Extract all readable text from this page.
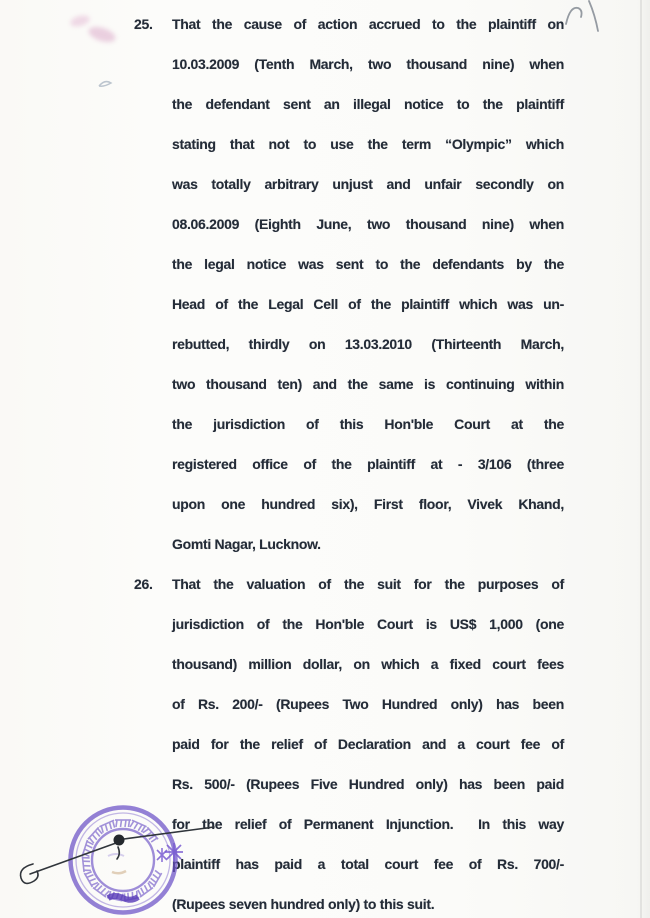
25. That the cause of action accrued to the plaintiff on
10.03.2009 (Tenth March, two thousand nine) when
the defendant sent an illegal notice to the plaintiff
stating that not to use the term “Olympic” which
was totally arbitrary unjust and unfair secondly on
08.06.2009 (Eighth June, two thousand nine) when
the legal notice was sent to the defendants by the
Head of the Legal Cell of the plaintiff which was un-
rebutted, thirdly on 13.03.2010 (Thirteenth March,
two thousand ten) and the same is continuing within
the jurisdiction of this Hon'ble Court at the
registered office of the plaintiff at - 3/106 (three
upon one hundred six), First floor, Vivek Khand,
Gomti Nagar, Lucknow.
26. That the valuation of the suit for the purposes of
jurisdiction of the Hon'ble Court is US$ 1,000 (one
thousand) million dollar, on which a fixed court fees
of Rs. 200/- (Rupees Two Hundred only) has been
paid for the relief of Declaration and a court fee of
Rs. 500/- (Rupees Five Hundred only) has been paid
for the relief of Permanent Injunction.  In this way
plaintiff has paid a total court fee of Rs. 700/-
(Rupees seven hundred only) to this suit.
